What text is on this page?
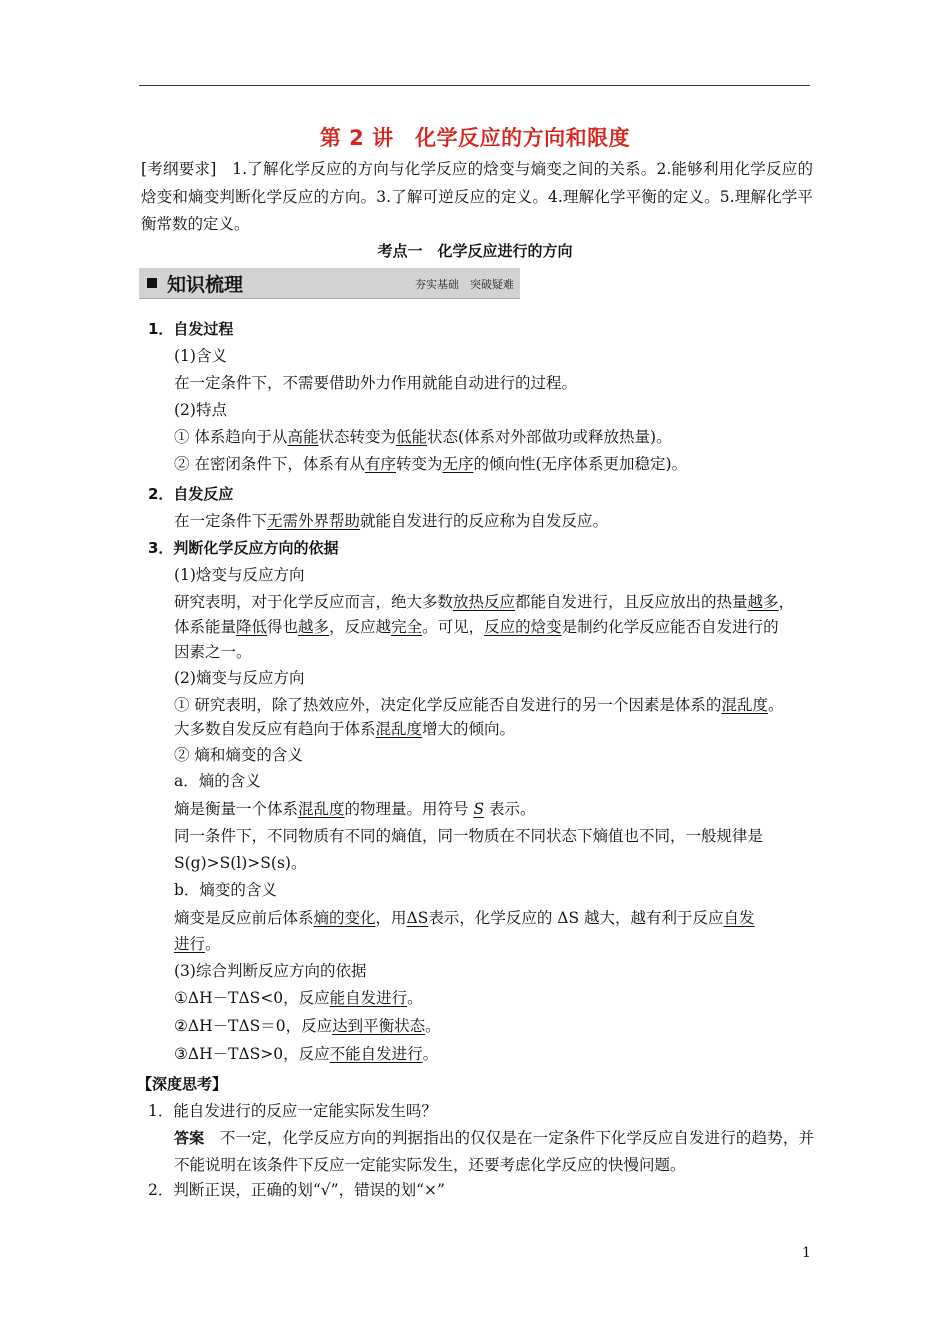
第 2 讲　化学反应的方向和限度
[考纲要求]　1.了解化学反应的方向与化学反应的焓变与熵变之间的关系。2.能够利用化学反应的焓变和熵变判断化学反应的方向。3.了解可逆反应的定义。4.理解化学平衡的定义。5.理解化学平衡常数的定义。
考点一　化学反应进行的方向
知识梳理	夯实基础　突破疑难
1．自发过程
(1)含义
在一定条件下，不需要借助外力作用就能自动进行的过程。
(2)特点
① 体系趋向于从高能状态转变为低能状态(体系对外部做功或释放热量)。
② 在密闭条件下，体系有从有序转变为无序的倾向性(无序体系更加稳定)。
2．自发反应
在一定条件下无需外界帮助就能自发进行的反应称为自发反应。
3．判断化学反应方向的依据
(1)焓变与反应方向
研究表明，对于化学反应而言，绝大多数放热反应都能自发进行，且反应放出的热量越多，
体系能量降低得也越多，反应越完全。可见，反应的焓变是制约化学反应能否自发进行的
因素之一。
(2)熵变与反应方向
① 研究表明，除了热效应外，决定化学反应能否自发进行的另一个因素是体系的混乱度。
大多数自发反应有趋向于体系混乱度增大的倾向。
② 熵和熵变的含义
a．熵的含义
熵是衡量一个体系混乱度的物理量。用符号 S 表示。
同一条件下，不同物质有不同的熵值，同一物质在不同状态下熵值也不同，一般规律是
S(g)>S(l)>S(s)。
b．熵变的含义
熵变是反应前后体系熵的变化，用ΔS表示，化学反应的 ΔS 越大，越有利于反应自发
进行。
(3)综合判断反应方向的依据
①ΔH－TΔS<0，反应能自发进行。
②ΔH－TΔS＝0，反应达到平衡状态。
③ΔH－TΔS>0，反应不能自发进行。
【深度思考】
1．能自发进行的反应一定能实际发生吗？
答案　不一定，化学反应方向的判据指出的仅仅是在一定条件下化学反应自发进行的趋势，并不能说明在该条件下反应一定能实际发生，还要考虑化学反应的快慢问题。
2．判断正误，正确的划“√”，错误的划“×”
1
